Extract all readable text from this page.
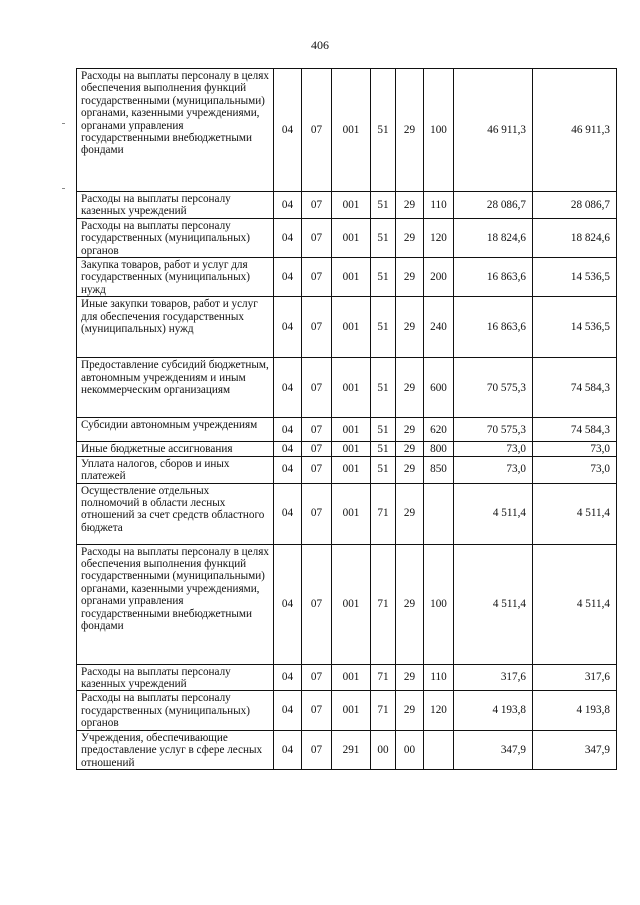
406
Расходы на выплаты персоналу в целях обеспечения выполнения функций государственными (муниципальными) органами, казенными учреждениями, органами управления государственными внебюджетными фондами	04	07	001	51	29	100	46 911,3	46 911,3
Расходы на выплаты персоналу казенных учреждений	04	07	001	51	29	110	28 086,7	28 086,7
Расходы на выплаты персоналу государственных (муниципальных) органов	04	07	001	51	29	120	18 824,6	18 824,6
Закупка товаров, работ и услуг для государственных (муниципальных) нужд	04	07	001	51	29	200	16 863,6	14 536,5
Иные закупки товаров, работ и услуг для обеспечения государственных (муниципальных) нужд	04	07	001	51	29	240	16 863,6	14 536,5
Предоставление субсидий бюджетным, автономным учреждениям и иным некоммерческим организациям	04	07	001	51	29	600	70 575,3	74 584,3
Субсидии автономным учреждениям	04	07	001	51	29	620	70 575,3	74 584,3
Иные бюджетные ассигнования	04	07	001	51	29	800	73,0	73,0
Уплата налогов, сборов и иных платежей	04	07	001	51	29	850	73,0	73,0
Осуществление отдельных полномочий в области лесных отношений за счет средств областного бюджета	04	07	001	71	29		4 511,4	4 511,4
Расходы на выплаты персоналу в целях обеспечения выполнения функций государственными (муниципальными) органами, казенными учреждениями, органами управления государственными внебюджетными фондами	04	07	001	71	29	100	4 511,4	4 511,4
Расходы на выплаты персоналу казенных учреждений	04	07	001	71	29	110	317,6	317,6
Расходы на выплаты персоналу государственных (муниципальных) органов	04	07	001	71	29	120	4 193,8	4 193,8
Учреждения, обеспечивающие предоставление услуг в сфере лесных отношений	04	07	291	00	00		347,9	347,9
